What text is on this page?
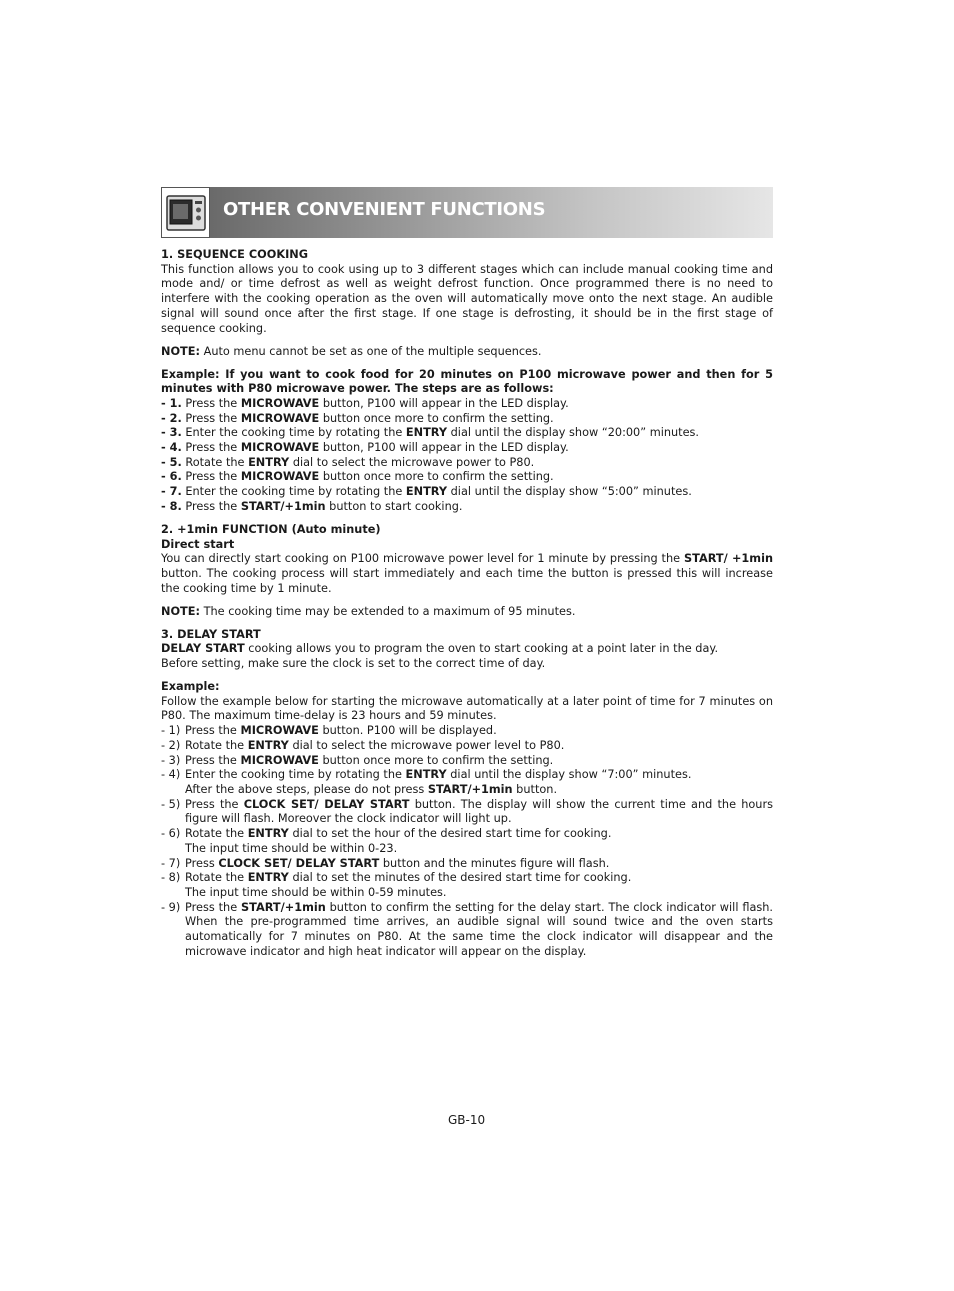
OTHER CONVENIENT FUNCTIONS

1. SEQUENCE COOKING

This function allows you to cook using up to 3 different stages which can include manual cooking time and mode and/ or time defrost as well as weight defrost function. Once programmed there is no need to interfere with the cooking operation as the oven will automatically move onto the next stage. An audible signal will sound once after the first stage. If one stage is defrosting, it should be in the first stage of sequence cooking.

NOTE: Auto menu cannot be set as one of the multiple sequences.

Example: If you want to cook food for 20 minutes on P100 microwave power and then for 5 minutes with P80 microwave power. The steps are as follows:

- 1. Press the MICROWAVE button, P100 will appear in the LED display.

- 2. Press the MICROWAVE button once more to confirm the setting.

- 3. Enter the cooking time by rotating the ENTRY dial until the display show “20:00” minutes.

- 4. Press the MICROWAVE button, P100 will appear in the LED display.

- 5. Rotate the ENTRY dial to select the microwave power to P80.

- 6. Press the MICROWAVE button once more to confirm the setting.

- 7. Enter the cooking time by rotating the ENTRY dial until the display show “5:00” minutes.

- 8. Press the START/+1min button to start cooking.

2. +1min FUNCTION (Auto minute)

Direct start

You can directly start cooking on P100 microwave power level for 1 minute by pressing the START/ +1min button. The cooking process will start immediately and each time the button is pressed this will increase the cooking time by 1 minute.

NOTE: The cooking time may be extended to a maximum of 95 minutes.

3. DELAY START

DELAY START cooking allows you to program the oven to start cooking at a point later in the day.

Before setting, make sure the clock is set to the correct time of day.

Example:

Follow the example below for starting the microwave automatically at a later point of time for 7 minutes on P80. The maximum time-delay is 23 hours and 59 minutes.

- 1) Press the MICROWAVE button. P100 will be displayed.

- 2) Rotate the ENTRY dial to select the microwave power level to P80.

- 3) Press the MICROWAVE button once more to confirm the setting.

- 4) Enter the cooking time by rotating the ENTRY dial until the display show “7:00” minutes.

After the above steps, please do not press START/+1min button.

- 5) Press the CLOCK SET/ DELAY START button. The display will show the current time and the hours figure will flash. Moreover the clock indicator will light up.

- 6) Rotate the ENTRY dial to set the hour of the desired start time for cooking.

The input time should be within 0-23.

- 7) Press CLOCK SET/ DELAY START button and the minutes figure will flash.

- 8) Rotate the ENTRY dial to set the minutes of the desired start time for cooking.

The input time should be within 0-59 minutes.

- 9) Press the START/+1min button to confirm the setting for the delay start. The clock indicator will flash. When the pre-programmed time arrives, an audible signal will sound twice and the oven starts automatically for 7 minutes on P80. At the same time the clock indicator will disappear and the microwave indicator and high heat indicator will appear on the display.

GB-10
